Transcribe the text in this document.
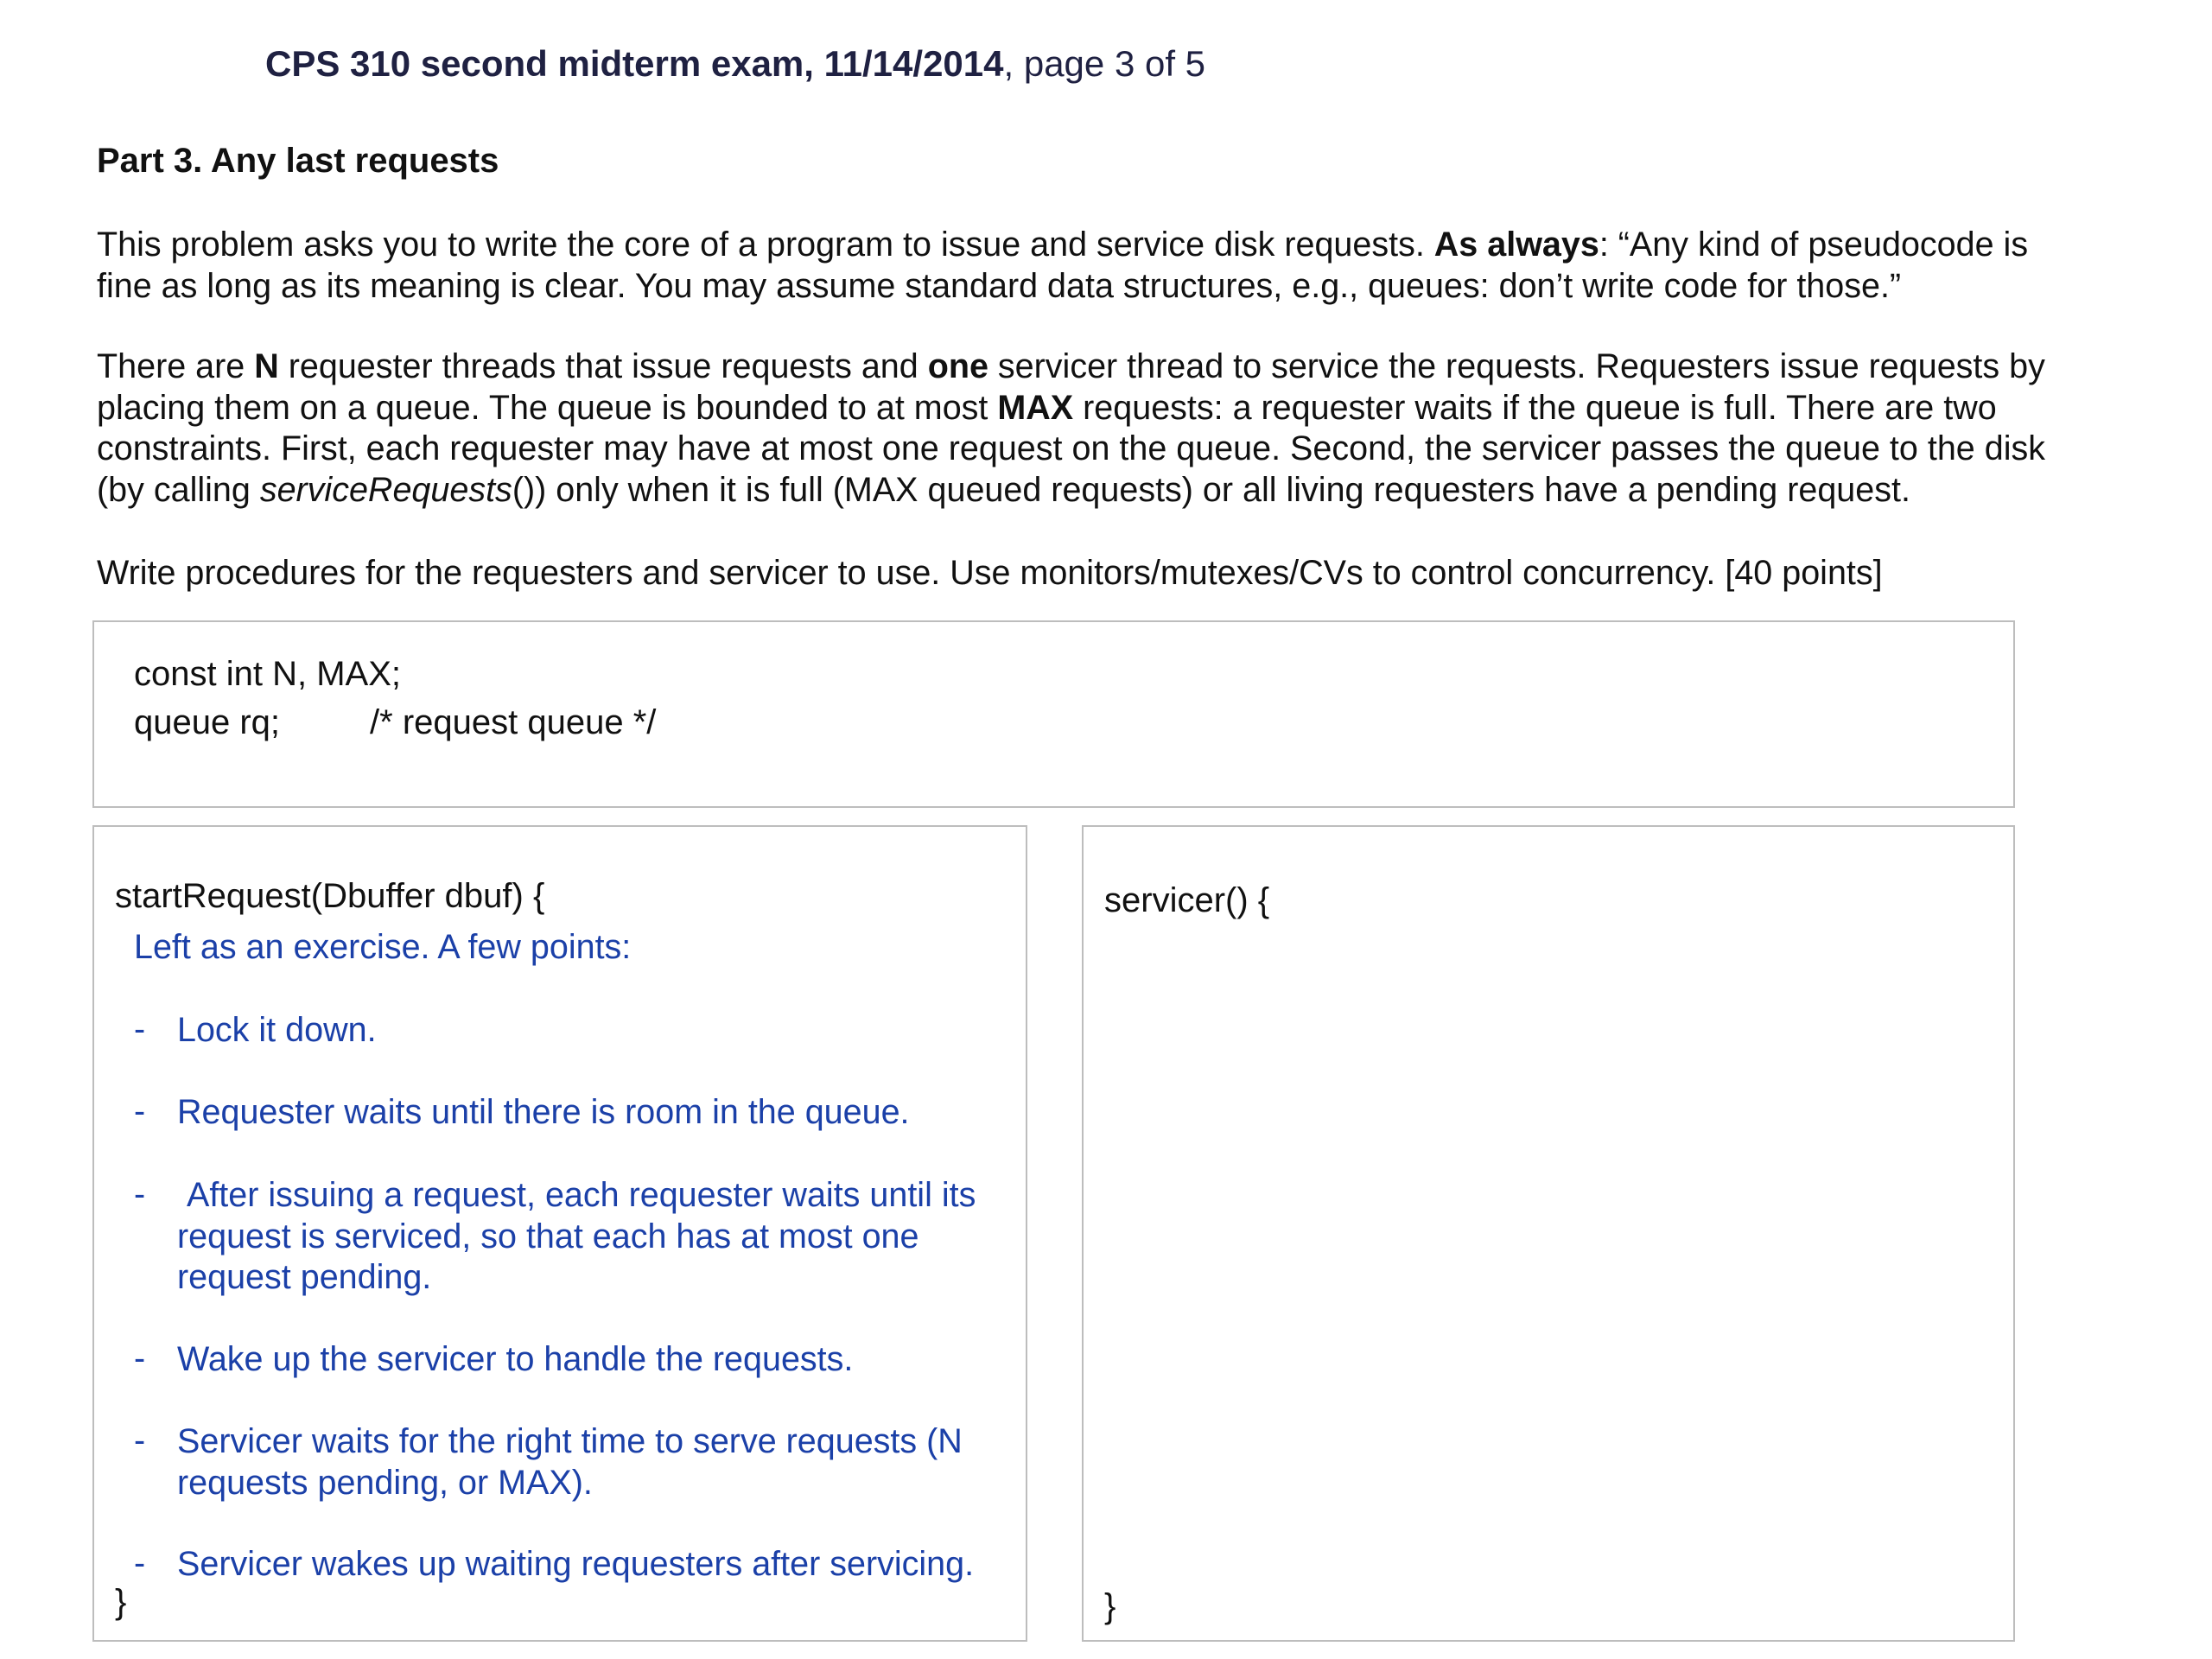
CPS 310 second midterm exam, 11/14/2014, page 3 of 5
Part 3. Any last requests
This problem asks you to write the core of a program to issue and service disk requests. As always: “Any kind of pseudocode is fine as long as its meaning is clear. You may assume standard data structures, e.g., queues: don’t write code for those.”
There are N requester threads that issue requests and one servicer thread to service the requests. Requesters issue requests by placing them on a queue. The queue is bounded to at most MAX requests: a requester waits if the queue is full. There are two constraints. First, each requester may have at most one request on the queue. Second, the servicer passes the queue to the disk (by calling serviceRequests()) only when it is full (MAX queued requests) or all living requesters have a pending request.
Write procedures for the requesters and servicer to use. Use monitors/mutexes/CVs to control concurrency. [40 points]
const int N, MAX;
queue rq;	/* request queue */
startRequest(Dbuffer dbuf) {
Left as an exercise. A few points:
- Lock it down.
- Requester waits until there is room in the queue.
- After issuing a request, each requester waits until its request is serviced, so that each has at most one request pending.
- Wake up the servicer to handle the requests.
- Servicer waits for the right time to serve requests (N requests pending, or MAX).
- Servicer wakes up waiting requesters after servicing.
}
servicer() {
}
